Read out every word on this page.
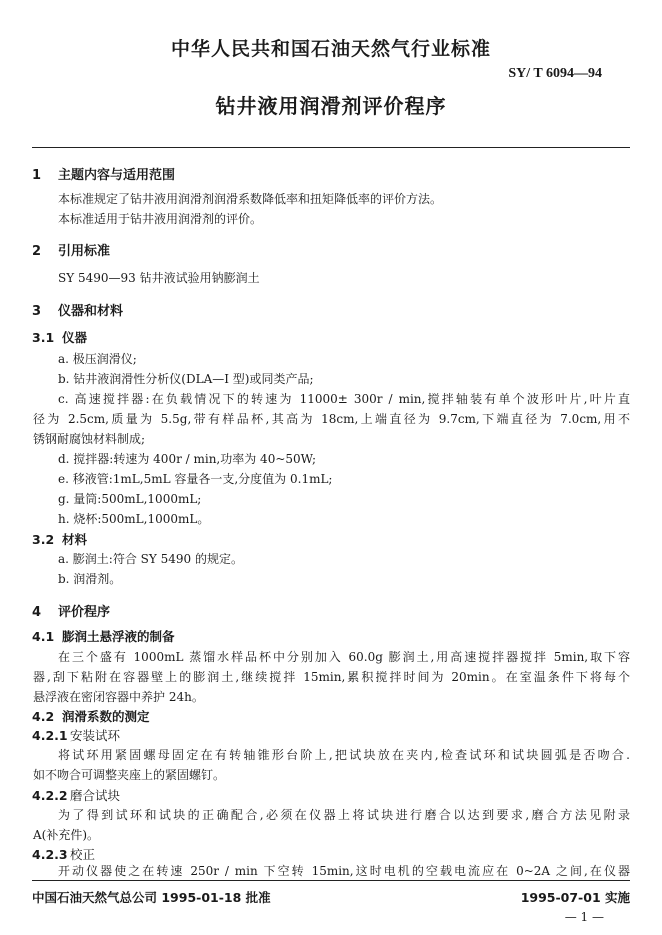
中华人民共和国石油天然气行业标准
SY/ T 6094—94
钻井液用润滑剂评价程序
1 主题内容与适用范围
本标准规定了钻井液用润滑剂润滑系数降低率和扭矩降低率的评价方法。
本标准适用于钻井液用润滑剂的评价。
2 引用标准
SY 5490—93 钻井液试验用钠膨润土
3 仪器和材料
3.1 仪器
a. 极压润滑仪;
b. 钻井液润滑性分析仪(DLA—Ⅰ 型)或同类产品;
c. 高速搅拌器:在负载情况下的转速为 11000± 300r / min,搅拌轴装有单个波形叶片,叶片直
径为 2.5cm,质量为 5.5g,带有样品杯,其高为 18cm,上端直径为 9.7cm,下端直径为 7.0cm,用不
锈钢耐腐蚀材料制成;
d. 搅拌器:转速为 400r / min,功率为 40~50W;
e. 移液管:1mL,5mL 容量各一支,分度值为 0.1mL;
g. 量筒:500mL,1000mL;
h. 烧杯:500mL,1000mL。
3.2 材料
a. 膨润土:符合 SY 5490 的规定。
b. 润滑剂。
4 评价程序
4.1 膨润土悬浮液的制备
在三个盛有 1000mL 蒸馏水样品杯中分别加入 60.0g 膨润土,用高速搅拌器搅拌 5min,取下容
器,刮下粘附在容器壁上的膨润土,继续搅拌 15min,累积搅拌时间为 20min。在室温条件下将每个
悬浮液在密闭容器中养护 24h。
4.2 润滑系数的测定
4.2.1 安装试环
将试环用紧固螺母固定在有转轴锥形台阶上,把试块放在夹内,检查试环和试块圆弧是否吻合.
如不吻合可调整夹座上的紧固螺钉。
4.2.2 磨合试块
为了得到试环和试块的正确配合,必须在仪器上将试块进行磨合以达到要求,磨合方法见附录
A(补充件)。
4.2.3 校正
开动仪器使之在转速 250r / min 下空转 15min,这时电机的空载电流应在 0~2A 之间,在仪器
中国石油天然气总公司 1995-01-18 批准	1995-07-01 实施
— 1 —
